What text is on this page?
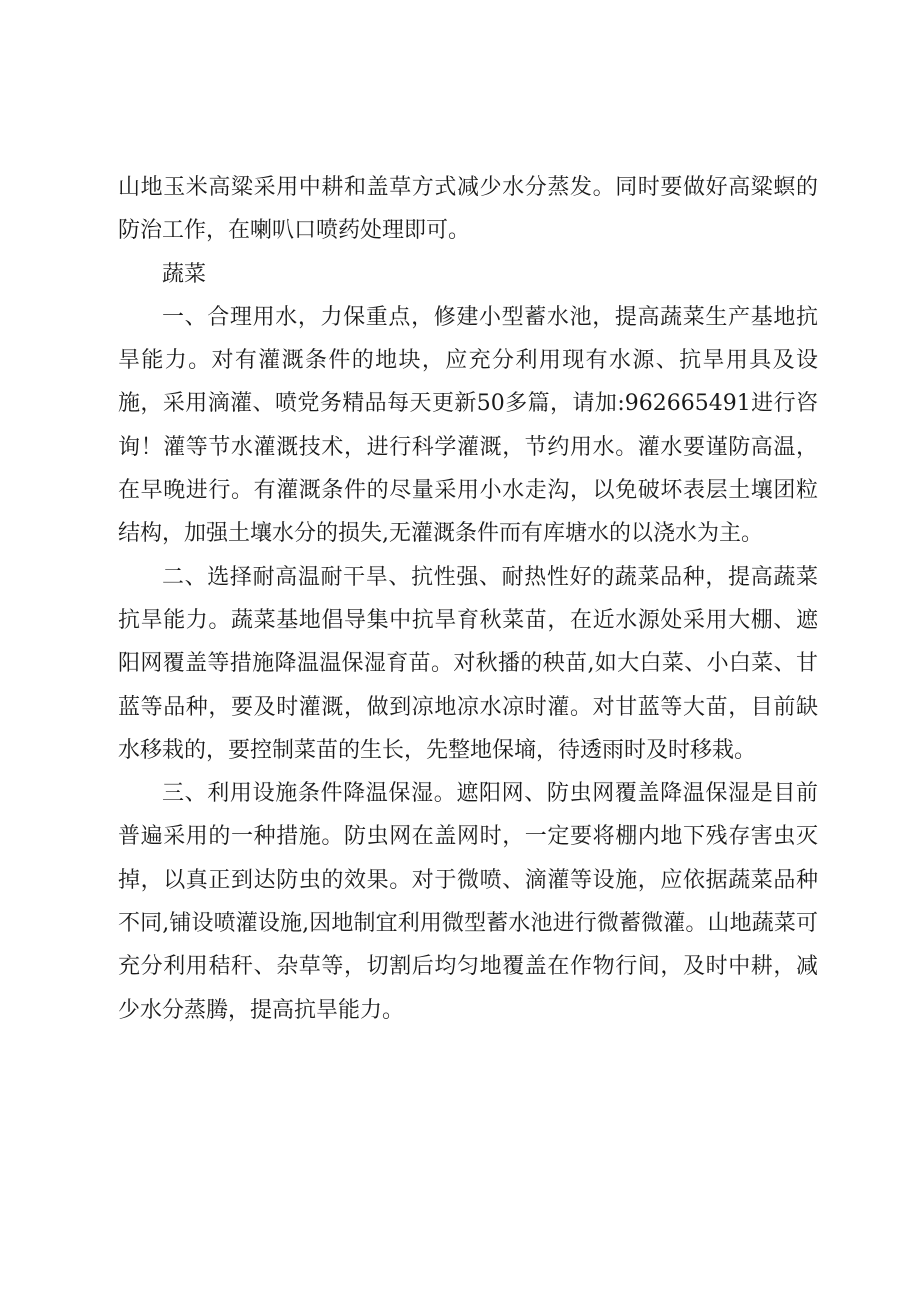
山地玉米高粱采用中耕和盖草方式减少水分蒸发。同时要做好高粱螟的防治工作，在喇叭口喷药处理即可。

蔬菜

一、合理用水，力保重点，修建小型蓄水池，提高蔬菜生产基地抗旱能力。对有灌溉条件的地块，应充分利用现有水源、抗旱用具及设施，采用滴灌、喷党务精品每天更新50多篇，请加:962665491进行咨询！灌等节水灌溉技术，进行科学灌溉，节约用水。灌水要谨防高温，在早晚进行。有灌溉条件的尽量采用小水走沟，以免破坏表层土壤团粒结构，加强土壤水分的损失,无灌溉条件而有库塘水的以浇水为主。

二、选择耐高温耐干旱、抗性强、耐热性好的蔬菜品种，提高蔬菜抗旱能力。蔬菜基地倡导集中抗旱育秋菜苗，在近水源处采用大棚、遮阳网覆盖等措施降温温保湿育苗。对秋播的秧苗,如大白菜、小白菜、甘蓝等品种，要及时灌溉，做到凉地凉水凉时灌。对甘蓝等大苗，目前缺水移栽的，要控制菜苗的生长，先整地保墒，待透雨时及时移栽。

三、利用设施条件降温保湿。遮阳网、防虫网覆盖降温保湿是目前普遍采用的一种措施。防虫网在盖网时，一定要将棚内地下残存害虫灭掉，以真正到达防虫的效果。对于微喷、滴灌等设施，应依据蔬菜品种不同,铺设喷灌设施,因地制宜利用微型蓄水池进行微蓄微灌。山地蔬菜可充分利用秸秆、杂草等，切割后均匀地覆盖在作物行间，及时中耕，减少水分蒸腾，提高抗旱能力。
